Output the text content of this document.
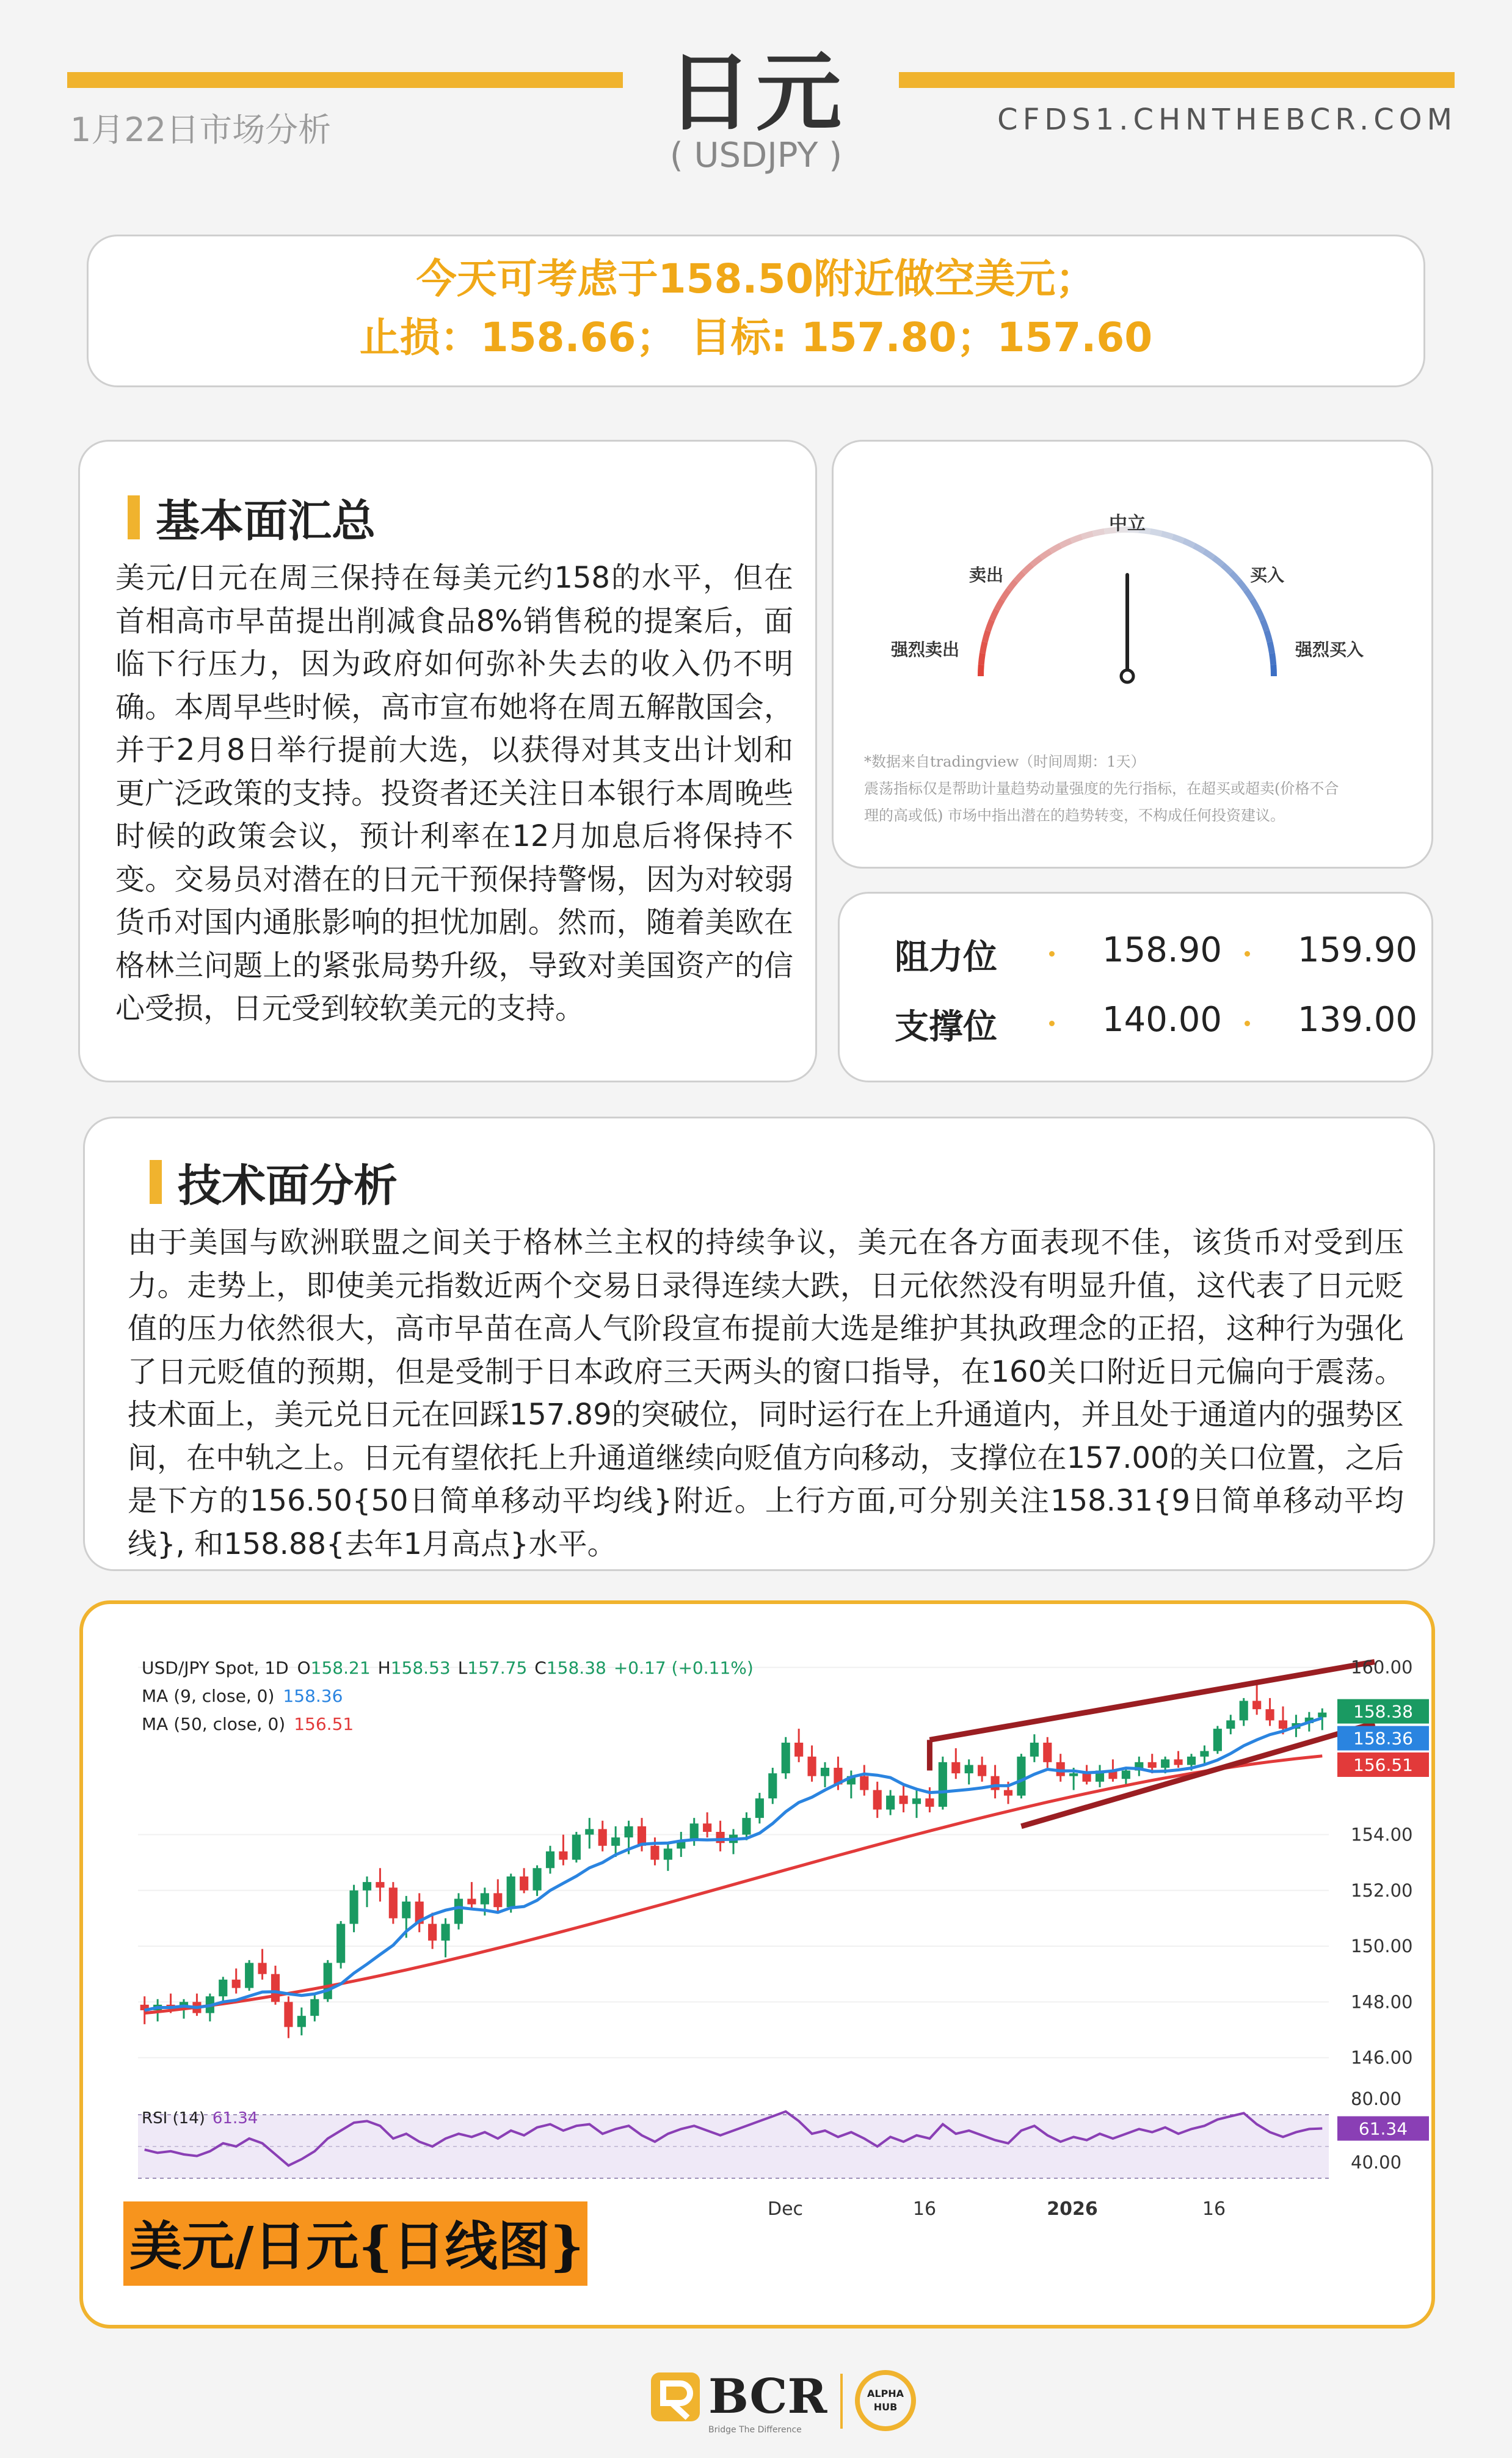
1月22日市场分析	日元
( USDJPY )
CFDS1.CHNTHEBCR.COM
今天可考虑于158.50附近做空美元；
止损：158.66； 目标: 157.80；157.60
基本面汇总

美元/日元在周三保持在每美元约158的水平，但在首相高市早苗提出削减食品8%销售税的提案后，面临下行压力，因为政府如何弥补失去的收入仍不明确。本周早些时候，高市宣布她将在周五解散国会，并于2月8日举行提前大选，以获得对其支出计划和更广泛政策的支持。投资者还关注日本银行本周晚些时候的政策会议，预计利率在12月加息后将保持不变。交易员对潜在的日元干预保持警惕，因为对较弱货币对国内通胀影响的担忧加剧。然而，随着美欧在格林兰问题上的紧张局势升级，导致对美国资产的信心受损，日元受到较软美元的支持。

中立
卖出	买入
强烈卖出	强烈买入
*数据来自tradingview（时间周期：1天）
震荡指标仅是帮助计量趋势动量强度的先行指标，在超买或超卖(价格不合
理的高或低) 市场中指出潜在的趋势转变，不构成任何投资建议。
阻力位	158.90 159.90
支撑位	140.00 139.00
技术面分析

由于美国与欧洲联盟之间关于格林兰主权的持续争议，美元在各方面表现不佳，该货币对受到压力。走势上，即使美元指数近两个交易日录得连续大跌，日元依然没有明显升值，这代表了日元贬值的压力依然很大，高市早苗在高人气阶段宣布提前大选是维护其执政理念的正招，这种行为强化了日元贬值的预期，但是受制于日本政府三天两头的窗口指导，在160关口附近日元偏向于震荡。技术面上，美元兑日元在回踩157.89的突破位，同时运行在上升通道内，并且处于通道内的强势区间，在中轨之上。日元有望依托上升通道继续向贬值方向移动，支撑位在157.00的关口位置，之后是下方的156.50{50日简单移动平均线}附近。上行方面,可分别关注158.31{9日简单移动平均线}, 和158.88{去年1月高点}水平。

160.00
154.00
152.00
150.00
148.00
146.00
80.00
40.00
Dec	16	2026	16
158.38
158.36
156.51
61.34
USD/JPY Spot, 1D O158.21 H158.53 L157.75 C158.38 +0.17 (+0.11%)
MA (9, close, 0) 158.36
MA (50, close, 0) 156.51
RSI (14) 61.34
美元/日元{日线图}
BCR
Bridge The Difference
ALPHA
HUB
